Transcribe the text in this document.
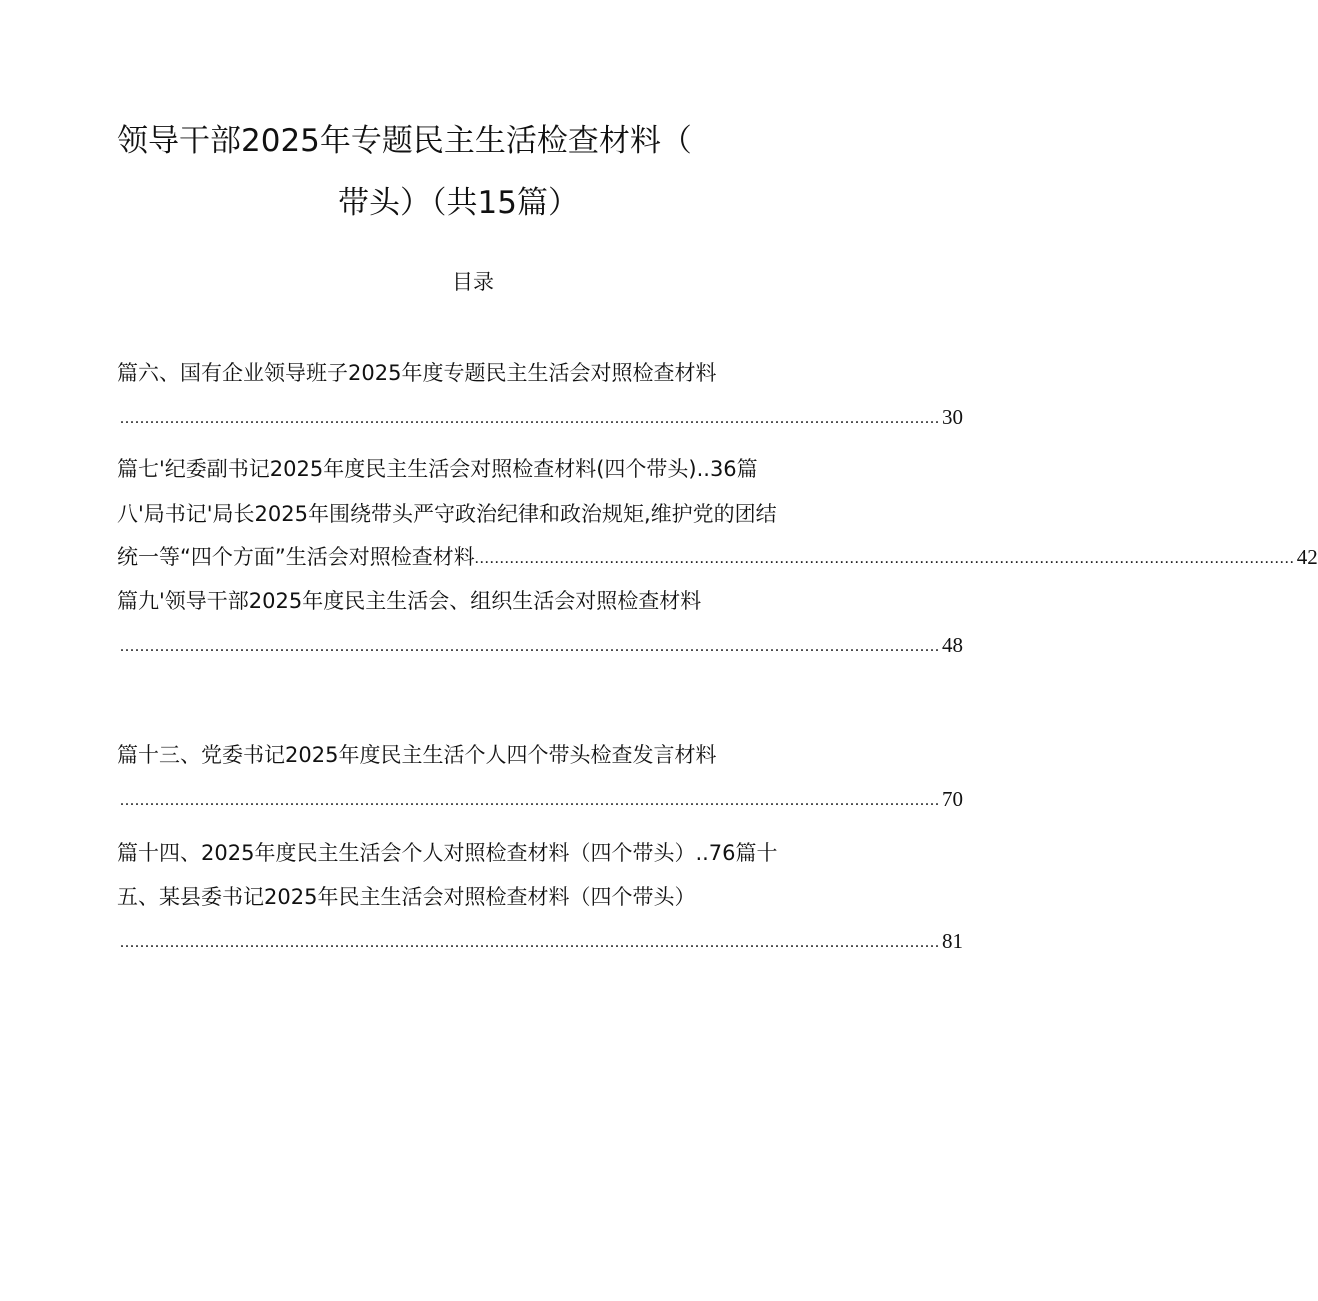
领导干部2025年专题民主生活检查材料（
带头）（共15篇）
目录
篇六、国有企业领导班子2025年度专题民主生活会对照检查材料
.................................................................................................................................................................... 30
篇七'纪委副书记2025年度民主生活会对照检查材料(四个带头)..36篇
八'局书记'局长2025年围绕带头严守政治纪律和政治规矩,维护党的团结
统一等“四个方面”生活会对照检查材料 .................................................................................................................................................................... 42
篇九'领导干部2025年度民主生活会、组织生活会对照检查材料
.................................................................................................................................................................... 48
篇十三、党委书记2025年度民主生活个人四个带头检查发言材料
.................................................................................................................................................................... 70
篇十四、2025年度民主生活会个人对照检查材料（四个带头）..76篇十
五、某县委书记2025年民主生活会对照检查材料（四个带头）
.................................................................................................................................................................... 81
